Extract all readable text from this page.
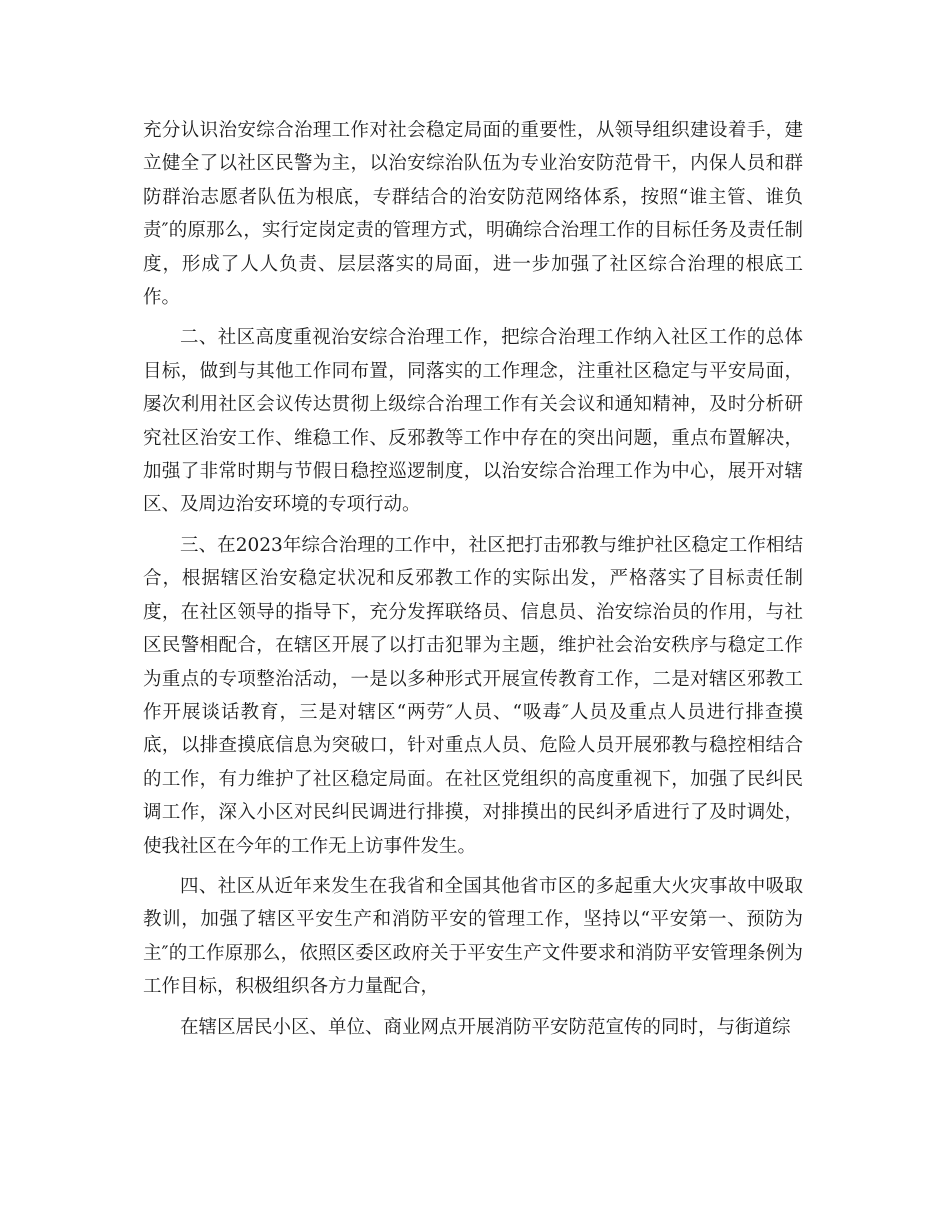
充分认识治安综合治理工作对社会稳定局面的重要性，从领导组织建设着手，建立健全了以社区民警为主，以治安综治队伍为专业治安防范骨干，内保人员和群防群治志愿者队伍为根底，专群结合的治安防范网络体系，按照“谁主管、谁负责″的原那么，实行定岗定责的管理方式，明确综合治理工作的目标任务及责任制度，形成了人人负责、层层落实的局面，进一步加强了社区综合治理的根底工作。

二、社区高度重视治安综合治理工作，把综合治理工作纳入社区工作的总体目标，做到与其他工作同布置，同落实的工作理念，注重社区稳定与平安局面，屡次利用社区会议传达贯彻上级综合治理工作有关会议和通知精神，及时分析研究社区治安工作、维稳工作、反邪教等工作中存在的突出问题，重点布置解决，加强了非常时期与节假日稳控巡逻制度，以治安综合治理工作为中心，展开对辖区、及周边治安环境的专项行动。

三、在2023年综合治理的工作中，社区把打击邪教与维护社区稳定工作相结合，根据辖区治安稳定状况和反邪教工作的实际出发，严格落实了目标责任制度，在社区领导的指导下，充分发挥联络员、信息员、治安综治员的作用，与社区民警相配合，在辖区开展了以打击犯罪为主题，维护社会治安秩序与稳定工作为重点的专项整治活动，一是以多种形式开展宣传教育工作，二是对辖区邪教工作开展谈话教育，三是对辖区“两劳″人员、“吸毒″人员及重点人员进行排查摸底，以排查摸底信息为突破口，针对重点人员、危险人员开展邪教与稳控相结合的工作，有力维护了社区稳定局面。在社区党组织的高度重视下，加强了民纠民调工作，深入小区对民纠民调进行排摸，对排摸出的民纠矛盾进行了及时调处，使我社区在今年的工作无上访事件发生。

四、社区从近年来发生在我省和全国其他省市区的多起重大火灾事故中吸取教训，加强了辖区平安生产和消防平安的管理工作，坚持以“平安第一、预防为主″的工作原那么，依照区委区政府关于平安生产文件要求和消防平安管理条例为工作目标，积极组织各方力量配合，

在辖区居民小区、单位、商业网点开展消防平安防范宣传的同时，与街道综
